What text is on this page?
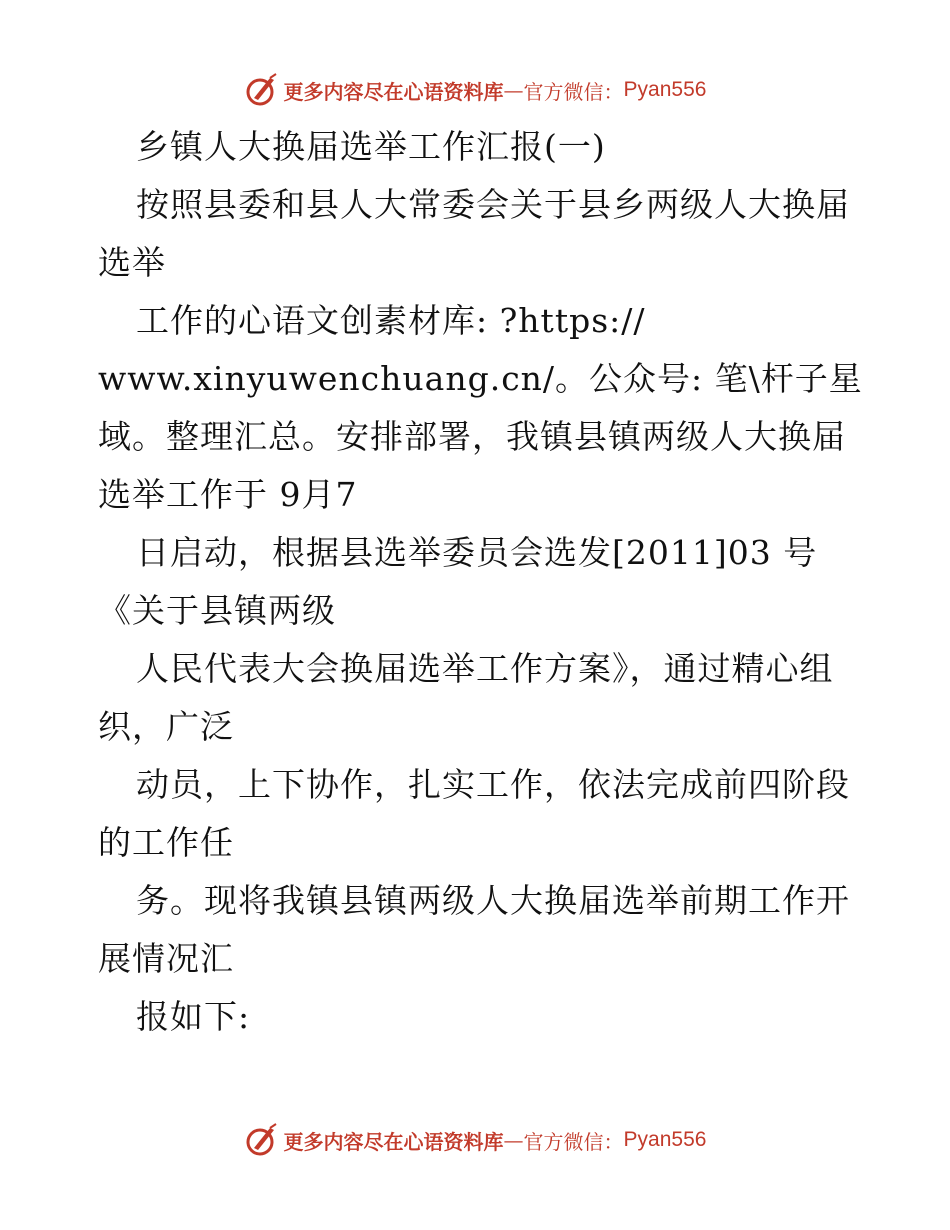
更多内容尽在心语资料库 — 官方微信： Pyan556
乡镇人大换届选举工作汇报(一)
按照县委和县人大常委会关于县乡两级人大换届
选举
工作的心语文创素材库: ?https://
www.xinyuwenchuang.cn/。公众号: 笔\杆子星
域。整理汇总。安排部署，我镇县镇两级人大换届
选举工作于 9月7
日启动，根据县选举委员会选发[2011]03 号
《关于县镇两级
人民代表大会换届选举工作方案》，通过精心组
织，广泛
动员，上下协作，扎实工作，依法完成前四阶段
的工作任
务。现将我镇县镇两级人大换届选举前期工作开
展情况汇
报如下:
更多内容尽在心语资料库 — 官方微信： Pyan556
